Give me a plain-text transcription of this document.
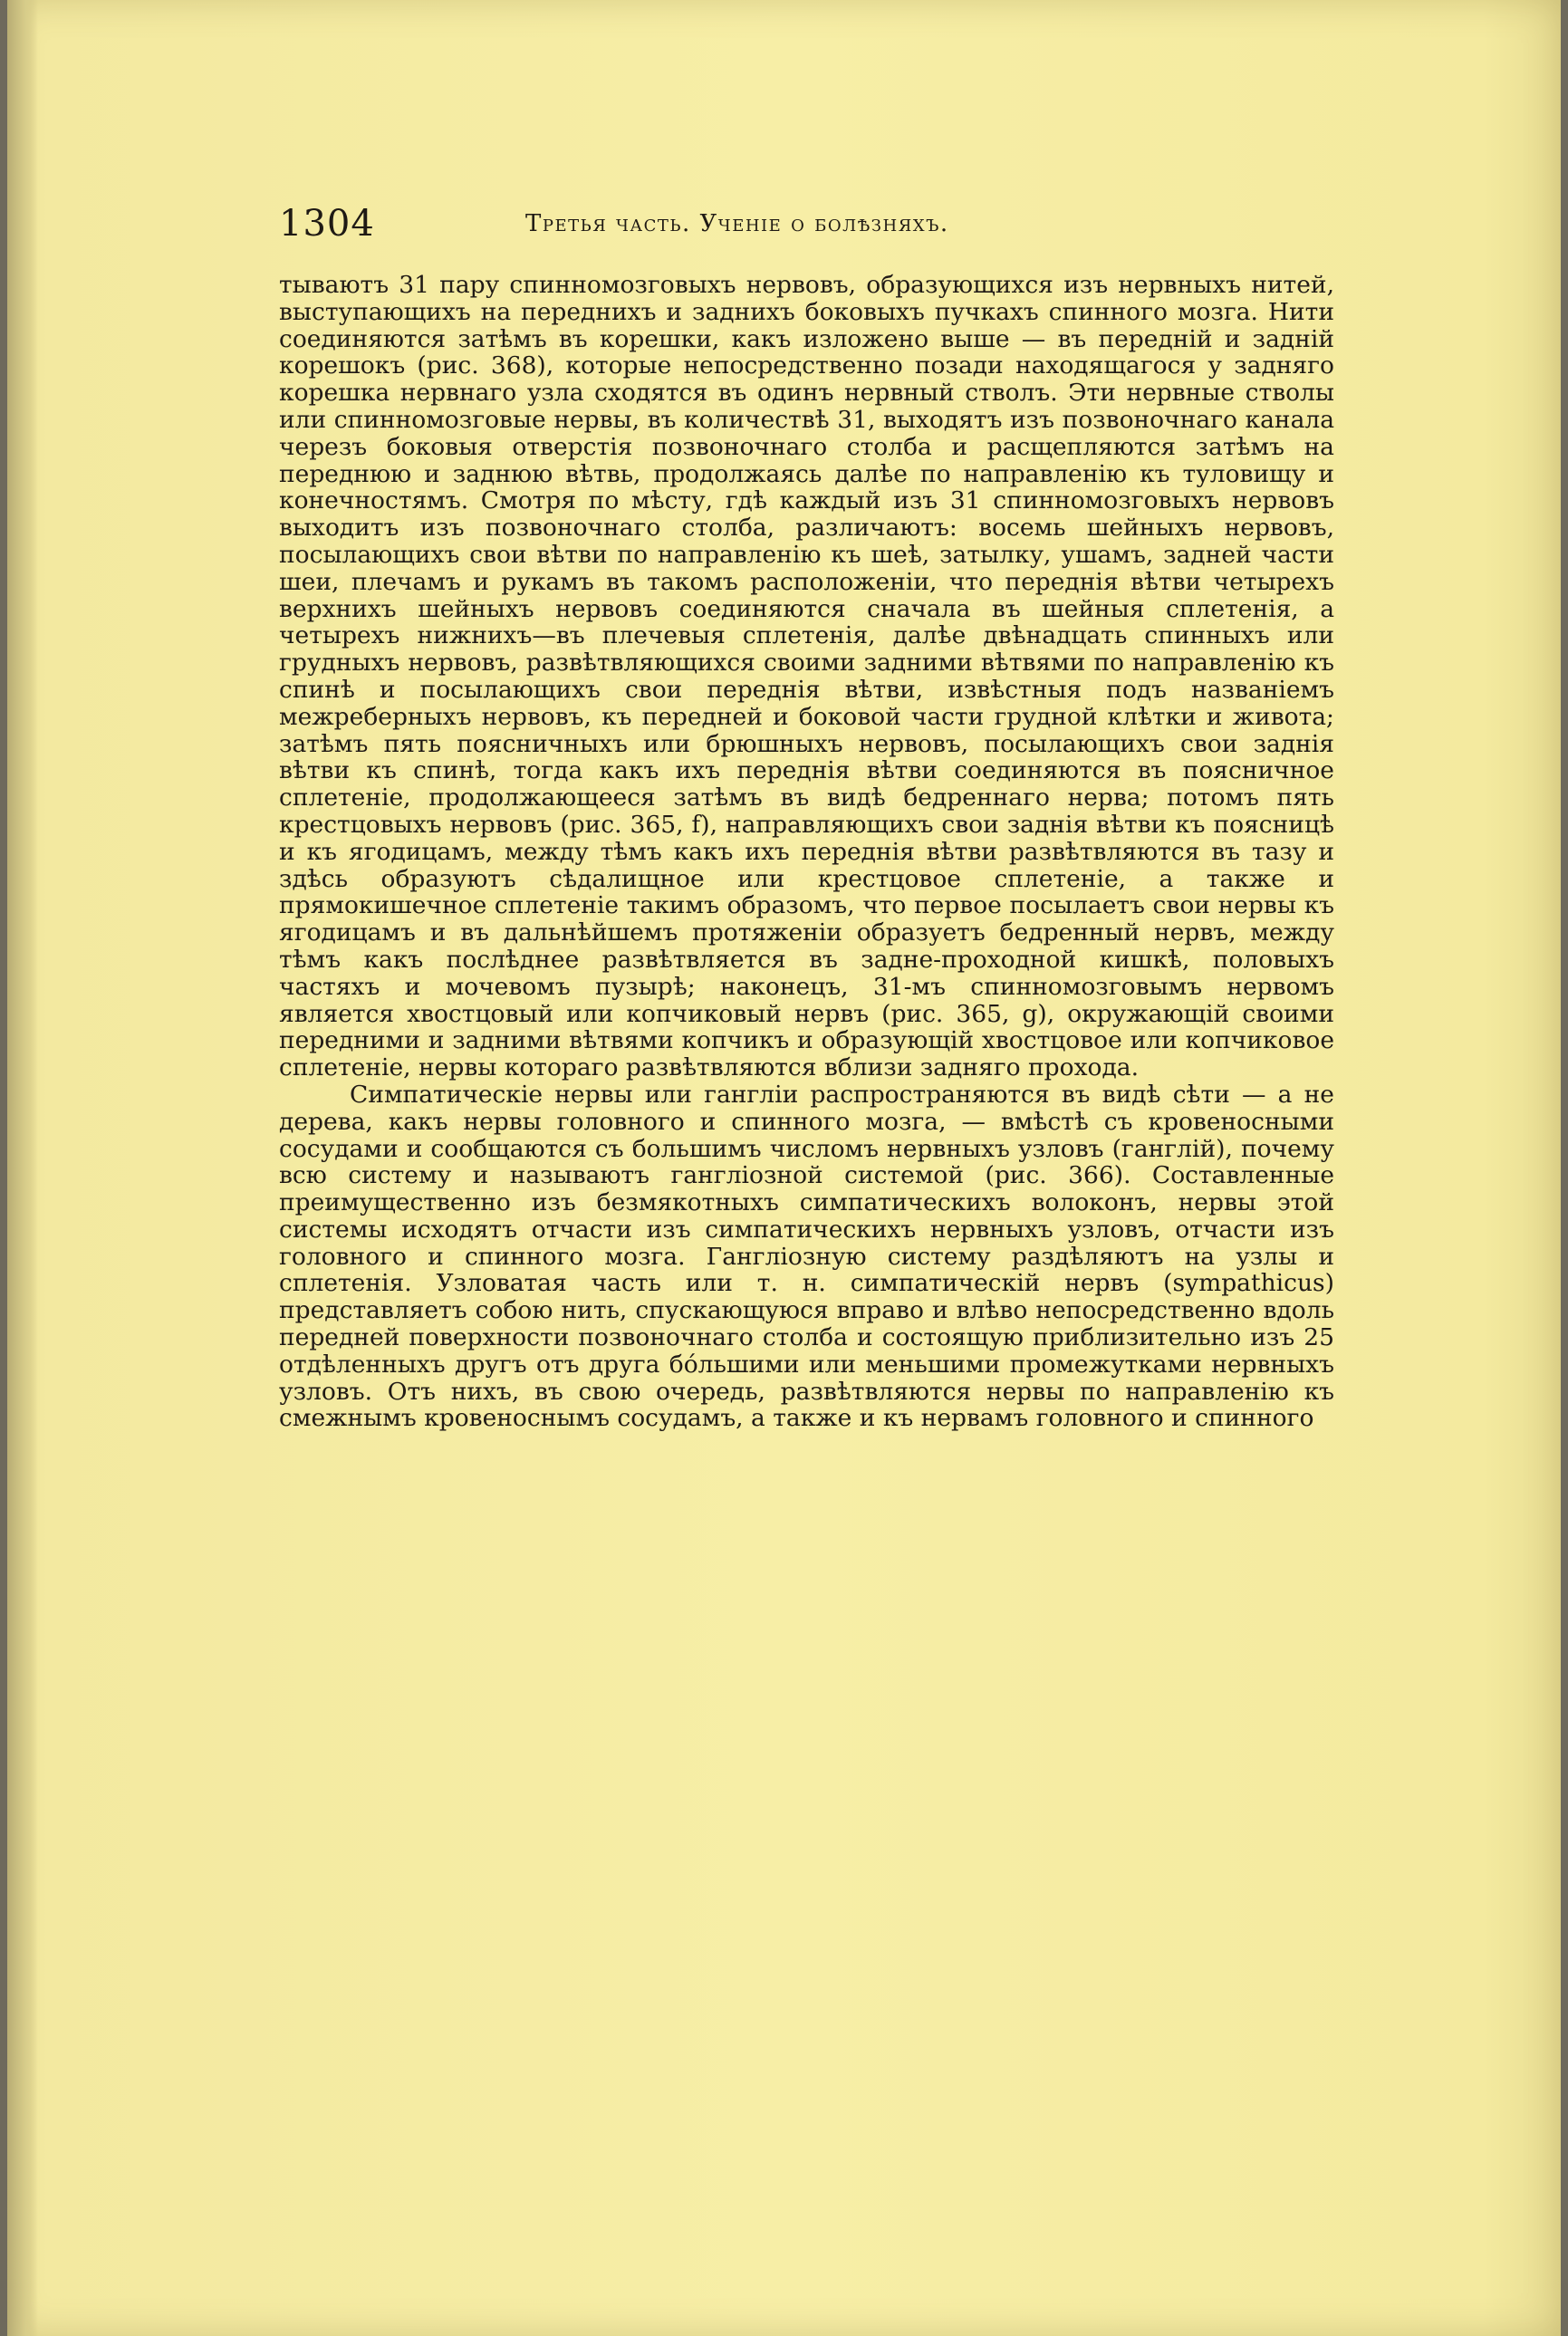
1304	Третья часть. Ученіе о болѣзняхъ.

тываютъ 31 пару спинномозговыхъ нервовъ, образующихся изъ нервныхъ нитей, выступающихъ на переднихъ и заднихъ боковыхъ пучкахъ спинного мозга. Нити соединяются затѣмъ въ корешки, какъ изложено выше — въ передній и задній корешокъ (рис. 368), которые непосредственно позади находящагося у задняго корешка нервнаго узла сходятся въ одинъ нервный стволъ. Эти нервные стволы или спинномозговые нервы, въ количествѣ 31, выходятъ изъ позвоночнаго канала черезъ боковыя отверстія позвоночнаго столба и расщепляются затѣмъ на переднюю и заднюю вѣтвь, продолжаясь далѣе по направленію къ туловищу и конечностямъ. Смотря по мѣсту, гдѣ каждый изъ 31 спинномозговыхъ нервовъ выходитъ изъ позвоночнаго столба, различаютъ: восемь шейныхъ нервовъ, посылающихъ свои вѣтви по направленію къ шеѣ, затылку, ушамъ, задней части шеи, плечамъ и рукамъ въ такомъ расположеніи, что переднія вѣтви четырехъ верхнихъ шейныхъ нервовъ соединяются сначала въ шейныя сплетенія, а четырехъ нижнихъ—въ плечевыя сплетенія, далѣе двѣнадцать спинныхъ или грудныхъ нервовъ, развѣтвляющихся своими задними вѣтвями по направленію къ спинѣ и посылающихъ свои переднія вѣтви, извѣстныя подъ названіемъ межреберныхъ нервовъ, къ передней и боковой части грудной клѣтки и живота; затѣмъ пять поясничныхъ или брюшныхъ нервовъ, посылающихъ свои заднія вѣтви къ спинѣ, тогда какъ ихъ переднія вѣтви соединяются въ поясничное сплетеніе, продолжающееся затѣмъ въ видѣ бедреннаго нерва; потомъ пять крестцовыхъ нервовъ (рис. 365, f), направляющихъ свои заднія вѣтви къ поясницѣ и къ ягодицамъ, между тѣмъ какъ ихъ переднія вѣтви развѣтвляются въ тазу и здѣсь образуютъ сѣдалищное или крестцовое сплетеніе, а также и прямокишечное сплетеніе такимъ образомъ, что первое посылаетъ свои нервы къ ягодицамъ и въ дальнѣйшемъ протяженіи образуетъ бедренный нервъ, между тѣмъ какъ послѣднее развѣтвляется въ задне-проходной кишкѣ, половыхъ частяхъ и мочевомъ пузырѣ; наконецъ, 31-мъ спинномозговымъ нервомъ является хвостцовый или копчиковый нервъ (рис. 365, g), окружающій своими передними и задними вѣтвями копчикъ и образующій хвостцовое или копчиковое сплетеніе, нервы котораго развѣтвляются вблизи задняго прохода.

Симпатическіе нервы или гангліи распространяются въ видѣ сѣти — а не дерева, какъ нервы головного и спинного мозга, — вмѣстѣ съ кровеносными сосудами и сообщаются съ большимъ числомъ нервныхъ узловъ (ганглій), почему всю систему и называютъ ганглiозной системой (рис. 366). Составленные преимущественно изъ безмякотныхъ симпатическихъ волоконъ, нервы этой системы исходятъ отчасти изъ симпатическихъ нервныхъ узловъ, отчасти изъ головного и спинного мозга. Ганглiозную систему раздѣляютъ на узлы и сплетенія. Узловатая часть или т. н. симпатическій нервъ (sympathicus) представляетъ собою нить, спускающуюся вправо и влѣво непосредственно вдоль передней поверхности позвоночнаго столба и состоящую приблизительно изъ 25 отдѣленныхъ другъ отъ друга бóльшими или меньшими промежутками нервныхъ узловъ. Отъ нихъ, въ свою очередь, развѣтвляются нервы по направленію къ смежнымъ кровеноснымъ сосудамъ, а также и къ нервамъ головного и спинного
